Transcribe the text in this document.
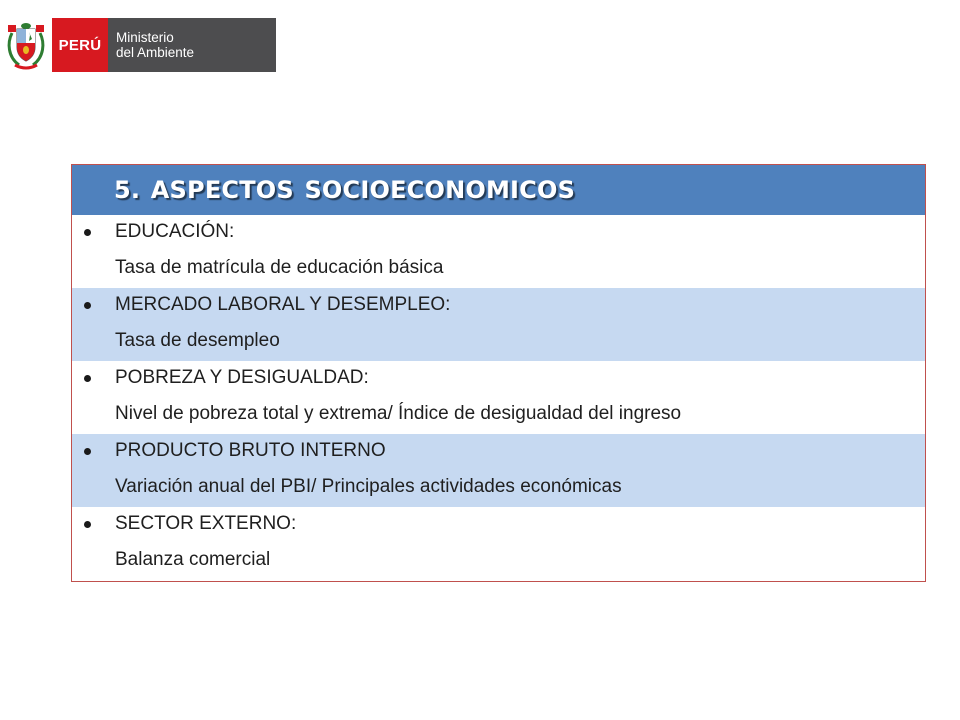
PERÚ	Ministerio
del Ambiente
5. ASPECTOS SOCIOECONOMICOS
EDUCACIÓN:
Tasa de matrícula de educación básica
MERCADO LABORAL Y DESEMPLEO:
Tasa de desempleo
POBREZA Y DESIGUALDAD:
Nivel de pobreza total y extrema/ Índice de desigualdad del ingreso
PRODUCTO BRUTO INTERNO
Variación anual del PBI/ Principales actividades económicas
SECTOR EXTERNO:
Balanza comercial
